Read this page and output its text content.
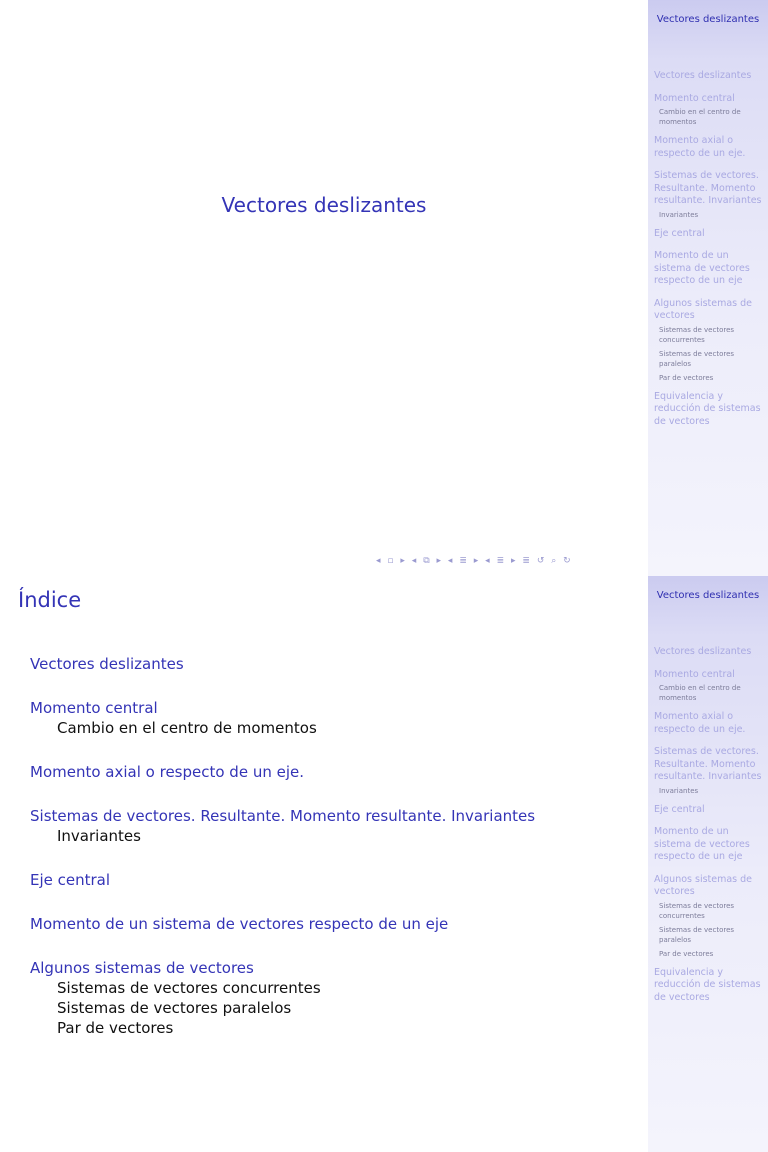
Vectores deslizantes
◂ ▫ ▸ ◂ ⧉ ▸ ◂ ≣ ▸ ◂ ≣ ▸ ≣ ↺ ⌕ ↻
Vectores deslizantes
Vectores deslizantes
Momento central
Cambio en el centro de momentos
Momento axial o respecto de un eje.
Sistemas de vectores. Resultante. Momento resultante. Invariantes
Invariantes
Eje central
Momento de un sistema de vectores respecto de un eje
Algunos sistemas de vectores
Sistemas de vectores concurrentes
Sistemas de vectores paralelos
Par de vectores
Equivalencia y reducción de sistemas de vectores
Índice
Vectores deslizantes
Momento central
Cambio en el centro de momentos
Momento axial o respecto de un eje.
Sistemas de vectores. Resultante. Momento resultante. Invariantes
Invariantes
Eje central
Momento de un sistema de vectores respecto de un eje
Algunos sistemas de vectores
Sistemas de vectores concurrentes
Sistemas de vectores paralelos
Par de vectores
Vectores deslizantes
Vectores deslizantes
Momento central
Cambio en el centro de momentos
Momento axial o respecto de un eje.
Sistemas de vectores. Resultante. Momento resultante. Invariantes
Invariantes
Eje central
Momento de un sistema de vectores respecto de un eje
Algunos sistemas de vectores
Sistemas de vectores concurrentes
Sistemas de vectores paralelos
Par de vectores
Equivalencia y reducción de sistemas de vectores
